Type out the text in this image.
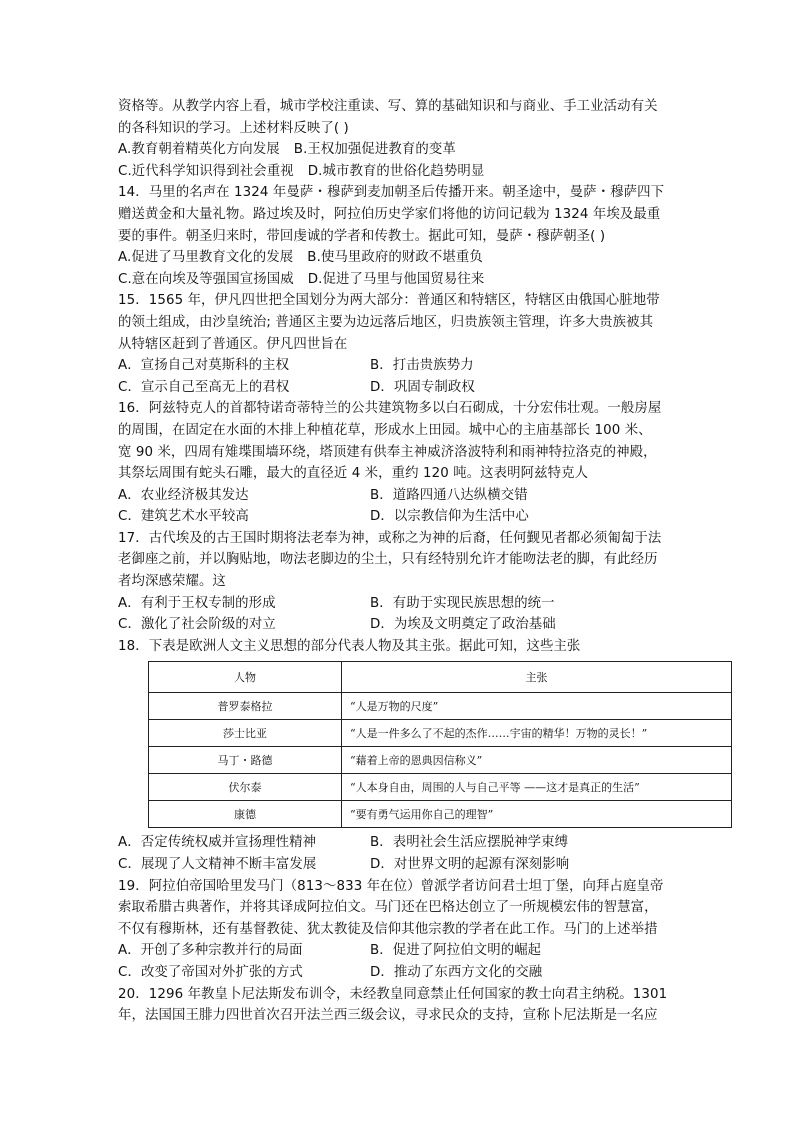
资格等。从教学内容上看，城市学校注重读、写、算的基础知识和与商业、手工业活动有关
的各科知识的学习。上述材料反映了( )
A.教育朝着精英化方向发展 B.王权加强促进教育的变革
C.近代科学知识得到社会重视 D.城市教育的世俗化趋势明显
14．马里的名声在 1324 年曼萨・穆萨到麦加朝圣后传播开来。朝圣途中，曼萨・穆萨四下
赠送黄金和大量礼物。路过埃及时，阿拉伯历史学家们将他的访问记载为 1324 年埃及最重
要的事件。朝圣归来时，带回虔诚的学者和传教士。据此可知，曼萨・穆萨朝圣( )
A.促进了马里教育文化的发展 B.使马里政府的财政不堪重负
C.意在向埃及等强国宣扬国威 D.促进了马里与他国贸易往来
15．1565 年，伊凡四世把全国划分为两大部分：普通区和特辖区，特辖区由俄国心脏地带
的领土组成，由沙皇统治; 普通区主要为边远落后地区，归贵族领主管理，许多大贵族被其
从特辖区赶到了普通区。伊凡四世旨在
A．宣扬自己对莫斯科的主权	B．打击贵族势力
C．宣示自己至高无上的君权	D．巩固专制政权
16．阿兹特克人的首都特诺奇蒂特兰的公共建筑物多以白石砌成，十分宏伟壮观。一般房屋
的周围，在固定在水面的木排上种植花草，形成水上田园。城中心的主庙基部长 100 米、
宽 90 米，四周有雉堞围墙环绕，塔顶建有供奉主神威济洛波特利和雨神特拉洛克的神殿，
其祭坛周围有蛇头石雕，最大的直径近 4 米，重约 120 吨。这表明阿兹特克人
A．农业经济极其发达	B．道路四通八达纵横交错
C．建筑艺术水平较高	D．以宗教信仰为生活中心
17．古代埃及的古王国时期将法老奉为神，或称之为神的后裔，任何觐见者都必须匍匐于法
老御座之前，并以胸贴地，吻法老脚边的尘土，只有经特别允许才能吻法老的脚，有此经历
者均深感荣耀。这
A．有利于王权专制的形成	B．有助于实现民族思想的统一
C．激化了社会阶级的对立	D．为埃及文明奠定了政治基础
18．下表是欧洲人文主义思想的部分代表人物及其主张。据此可知，这些主张
人物	主张
普罗泰格拉	“人是万物的尺度”
莎士比亚	“人是一件多么了不起的杰作……宇宙的精华！万物的灵长！”
马丁・路德	“藉着上帝的恩典因信称义”
伏尔泰	“人本身自由，周围的人与自己平等 ——这才是真正的生活”
康德	“要有勇气运用你自己的理智”
A．否定传统权威并宣扬理性精神	B．表明社会生活应摆脱神学束缚
C．展现了人文精神不断丰富发展	D．对世界文明的起源有深刻影响
19．阿拉伯帝国哈里发马门（813～833 年在位）曾派学者访问君士坦丁堡，向拜占庭皇帝
索取希腊古典著作，并将其译成阿拉伯文。马门还在巴格达创立了一所规模宏伟的智慧富，
不仅有穆斯林，还有基督教徒、犹太教徒及信仰其他宗教的学者在此工作。马门的上述举措
A．开创了多种宗教并行的局面	B．促进了阿拉伯文明的崛起
C．改变了帝国对外扩张的方式	D．推动了东西方文化的交融
20．1296 年教皇卜尼法斯发布训令，未经教皇同意禁止任何国家的教士向君主纳税。1301
年，法国国王腓力四世首次召开法兰西三级会议，寻求民众的支持，宣称卜尼法斯是一名应
